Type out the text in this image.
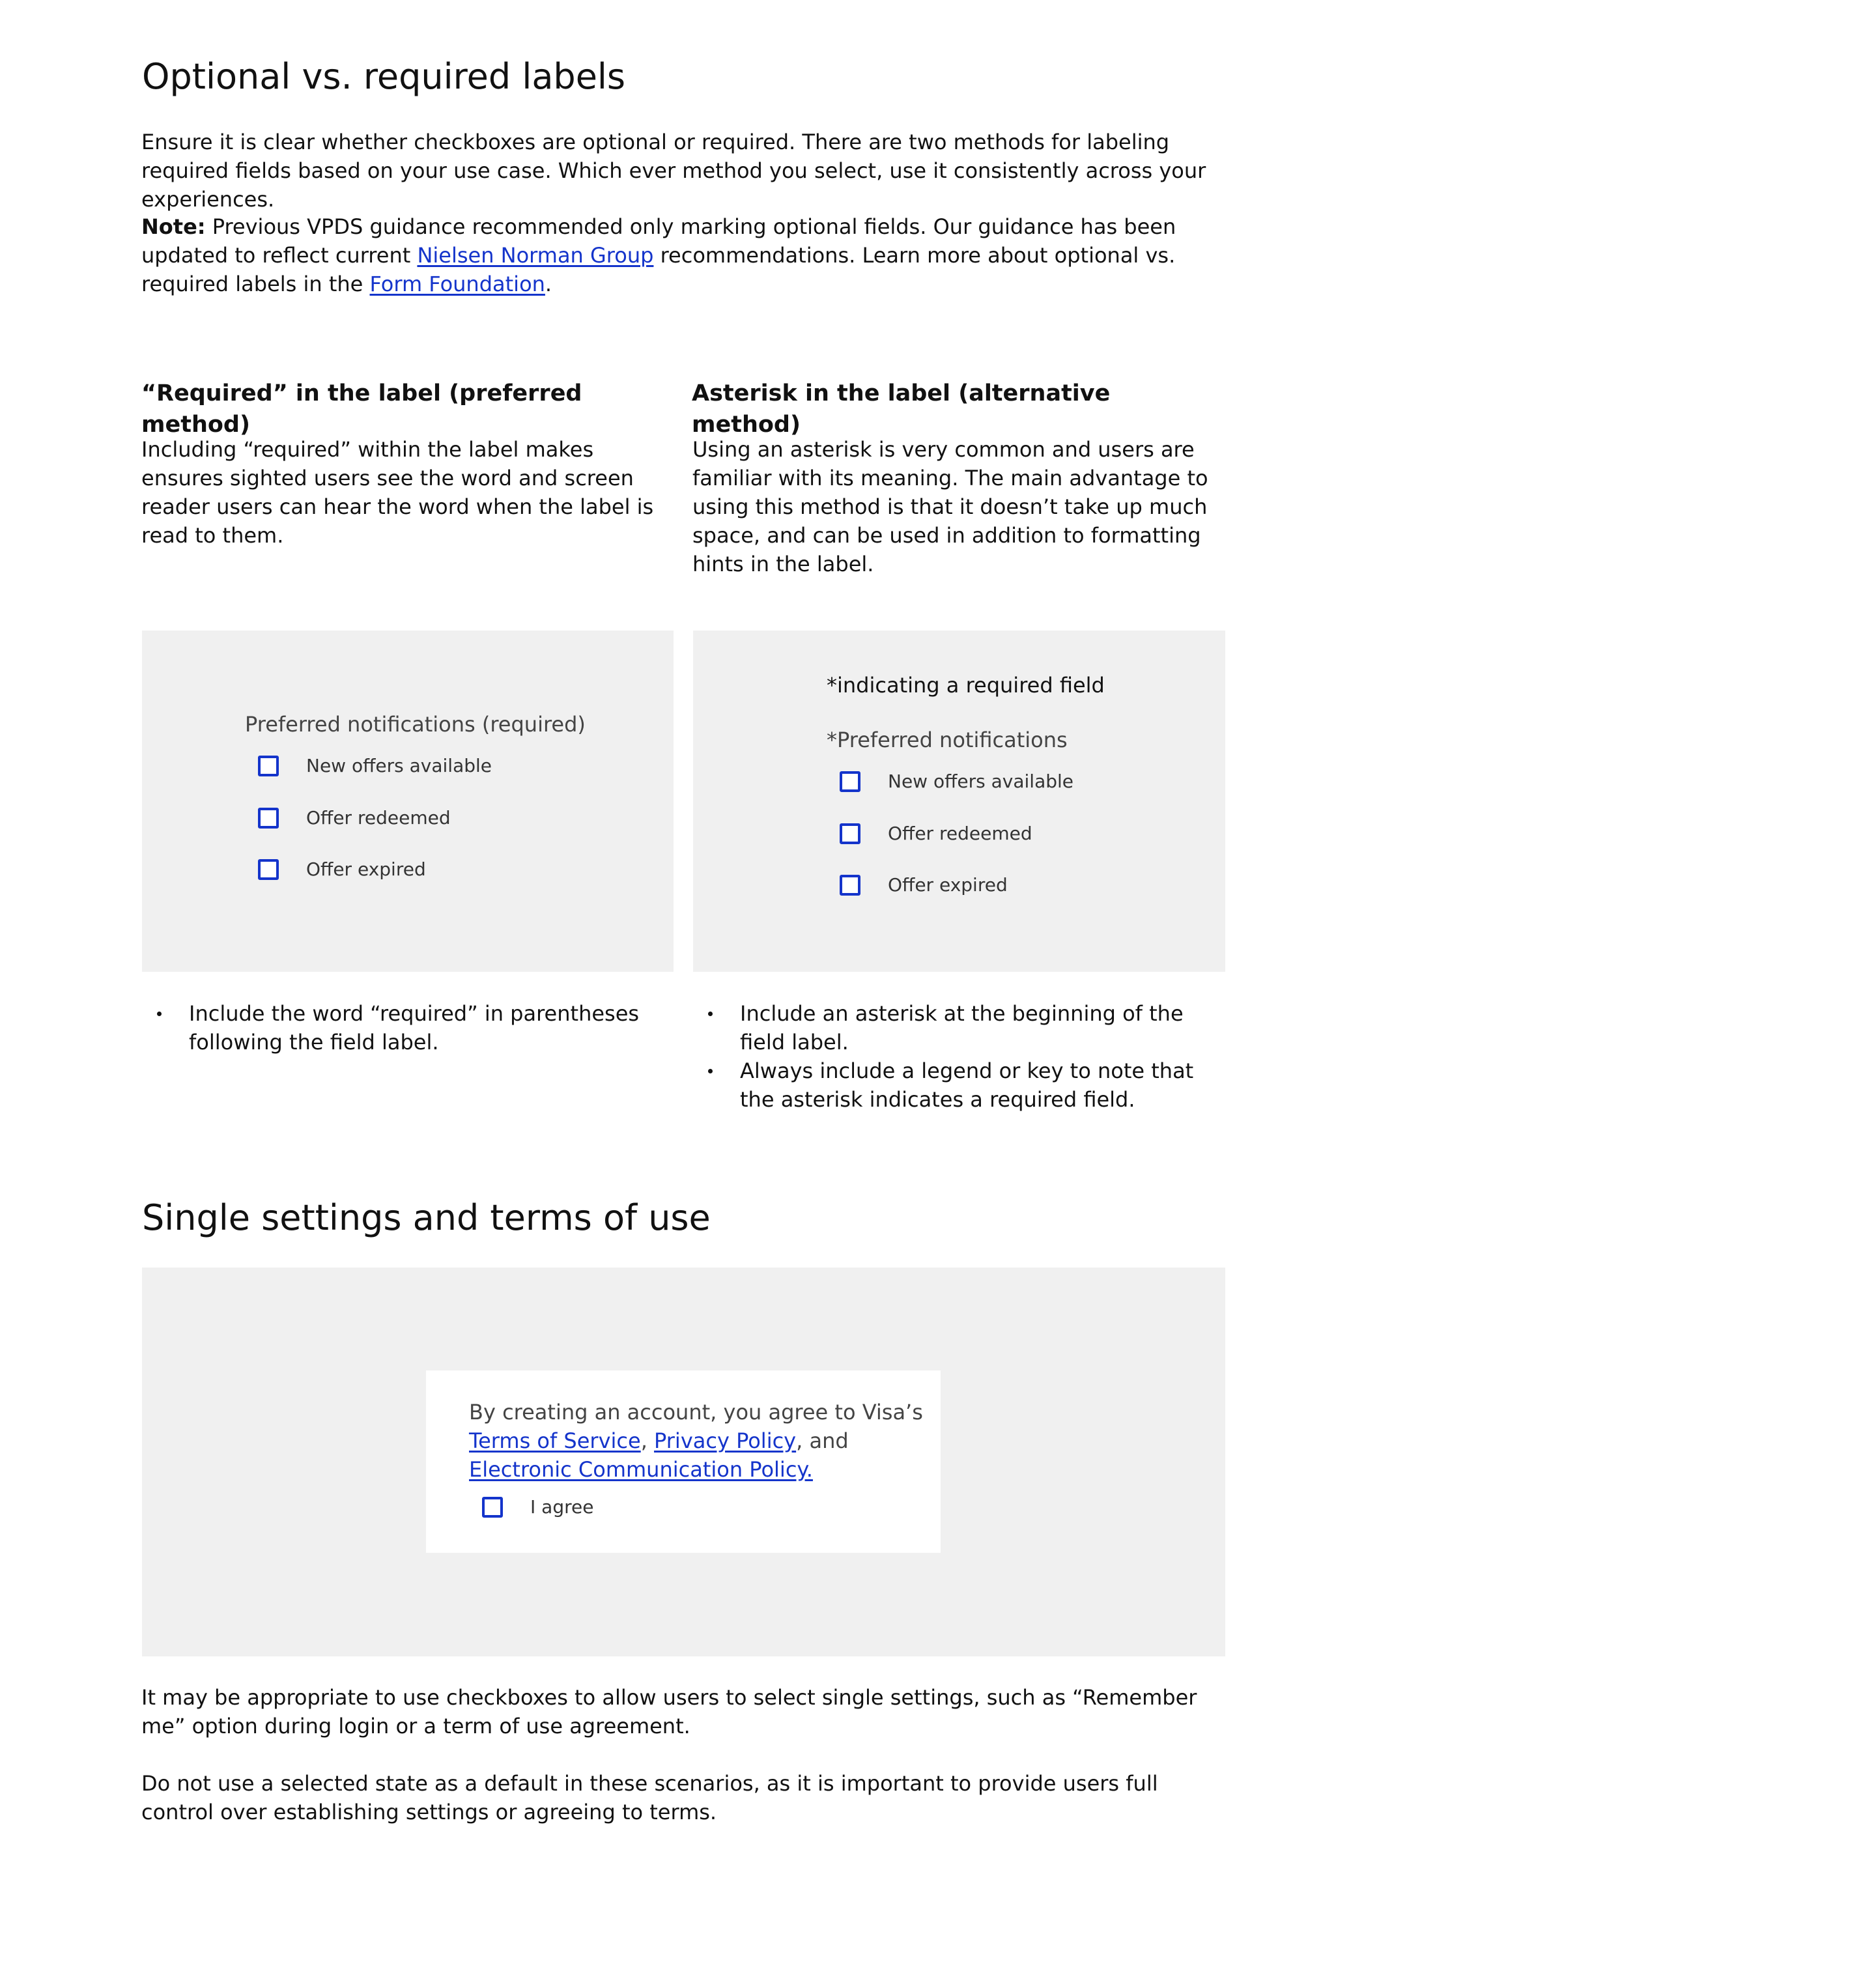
Optional vs. required labels

Ensure it is clear whether checkboxes are optional or required. There are two methods for labeling required fields based on your use case. Which ever method you select, use it consistently across your experiences.

Note: Previous VPDS guidance recommended only marking optional fields. Our guidance has been updated to reflect current Nielsen Norman Group recommendations. Learn more about optional vs. required labels in the Form Foundation.

“Required” in the label (preferred method)

Including “required” within the label makes ensures sighted users see the word and screen reader users can hear the word when the label is read to them.

Asterisk in the label (alternative method)

Using an asterisk is very common and users are familiar with its meaning. The main advantage to using this method is that it doesn’t take up much space, and can be used in addition to formatting hints in the label.

Preferred notifications (required)
New offers available
Offer redeemed
Offer expired
*indicating a required field
*Preferred notifications
New offers available
Offer redeemed
Offer expired
Include the word “required” in parentheses following the field label.
Include an asterisk at the beginning of the field label.
Always include a legend or key to note that the asterisk indicates a required field.
Single settings and terms of use

By creating an account, you agree to Visa’s
Terms of Service, Privacy Policy, and Electronic Communication Policy.

I agree

It may be appropriate to use checkboxes to allow users to select single settings, such as “Remember me” option during login or a term of use agreement.

Do not use a selected state as a default in these scenarios, as it is important to provide users full control over establishing settings or agreeing to terms.
